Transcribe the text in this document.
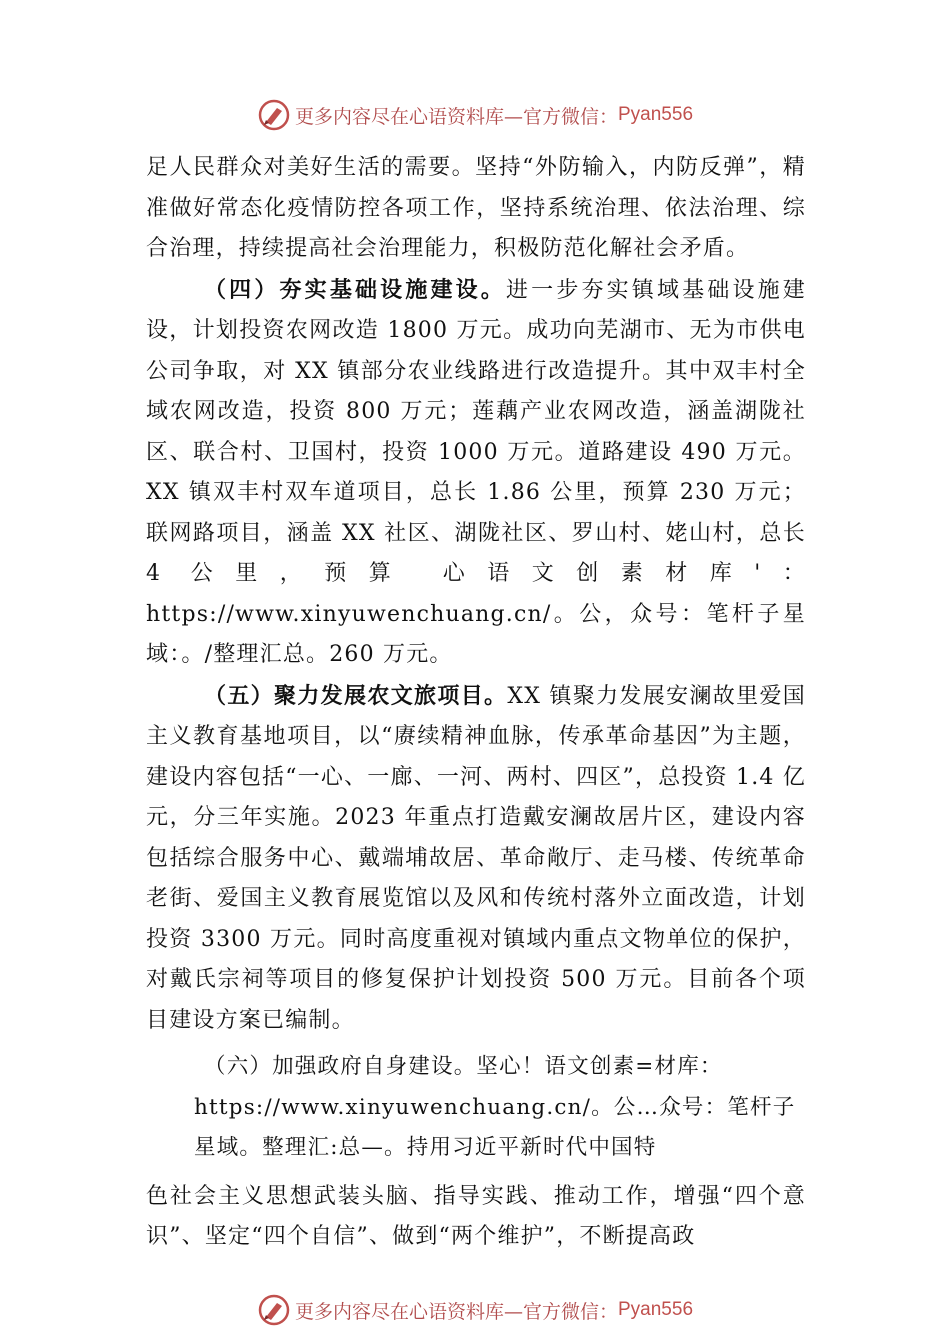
更多内容尽在心语资料库—官方微信： Pyan556

足人民群众对美好生活的需要。坚持“外防输入，内防反弹”，精准做好常态化疫情防控各项工作，坚持系统治理、依法治理、综合治理，持续提高社会治理能力，积极防范化解社会矛盾。

（四）夯实基础设施建设。进一步夯实镇域基础设施建设，计划投资农网改造 1800 万元。成功向芜湖市、无为市供电公司争取，对 XX 镇部分农业线路进行改造提升。其中双丰村全域农网改造，投资 800 万元；莲藕产业农网改造，涵盖湖陇社区、联合村、卫国村，投资 1000 万元。道路建设 490 万元。XX 镇双丰村双车道项目，总长 1.86 公里，预算 230 万元；联网路项目，涵盖 XX 社区、湖陇社区、罗山村、姥山村，总长 4 公里，预算 心语文创素材库'：https://www.xinyuwenchuang.cn/。公，众号：笔杆子星域：。/整理汇总。260 万元。

（五）聚力发展农文旅项目。XX 镇聚力发展安澜故里爱国主义教育基地项目，以“赓续精神血脉，传承革命基因”为主题，建设内容包括“一心、一廊、一河、两村、四区”，总投资 1.4 亿元，分三年实施。2023 年重点打造戴安澜故居片区，建设内容包括综合服务中心、戴端埔故居、革命敞厅、走马楼、传统革命老街、爱国主义教育展览馆以及风和传统村落外立面改造，计划投资 3300 万元。同时高度重视对镇域内重点文物单位的保护，对戴氏宗祠等项目的修复保护计划投资 500 万元。目前各个项目建设方案已编制。

（六）加强政府自身建设。坚心！语文创素=材库：

https://www.xinyuwenchuang.cn/。公…众号：笔杆子

星域。整理汇:总—。持用习近平新时代中国特

色社会主义思想武装头脑、指导实践、推动工作，增强“四个意识”、坚定“四个自信”、做到“两个维护”，不断提高政

更多内容尽在心语资料库—官方微信： Pyan556
